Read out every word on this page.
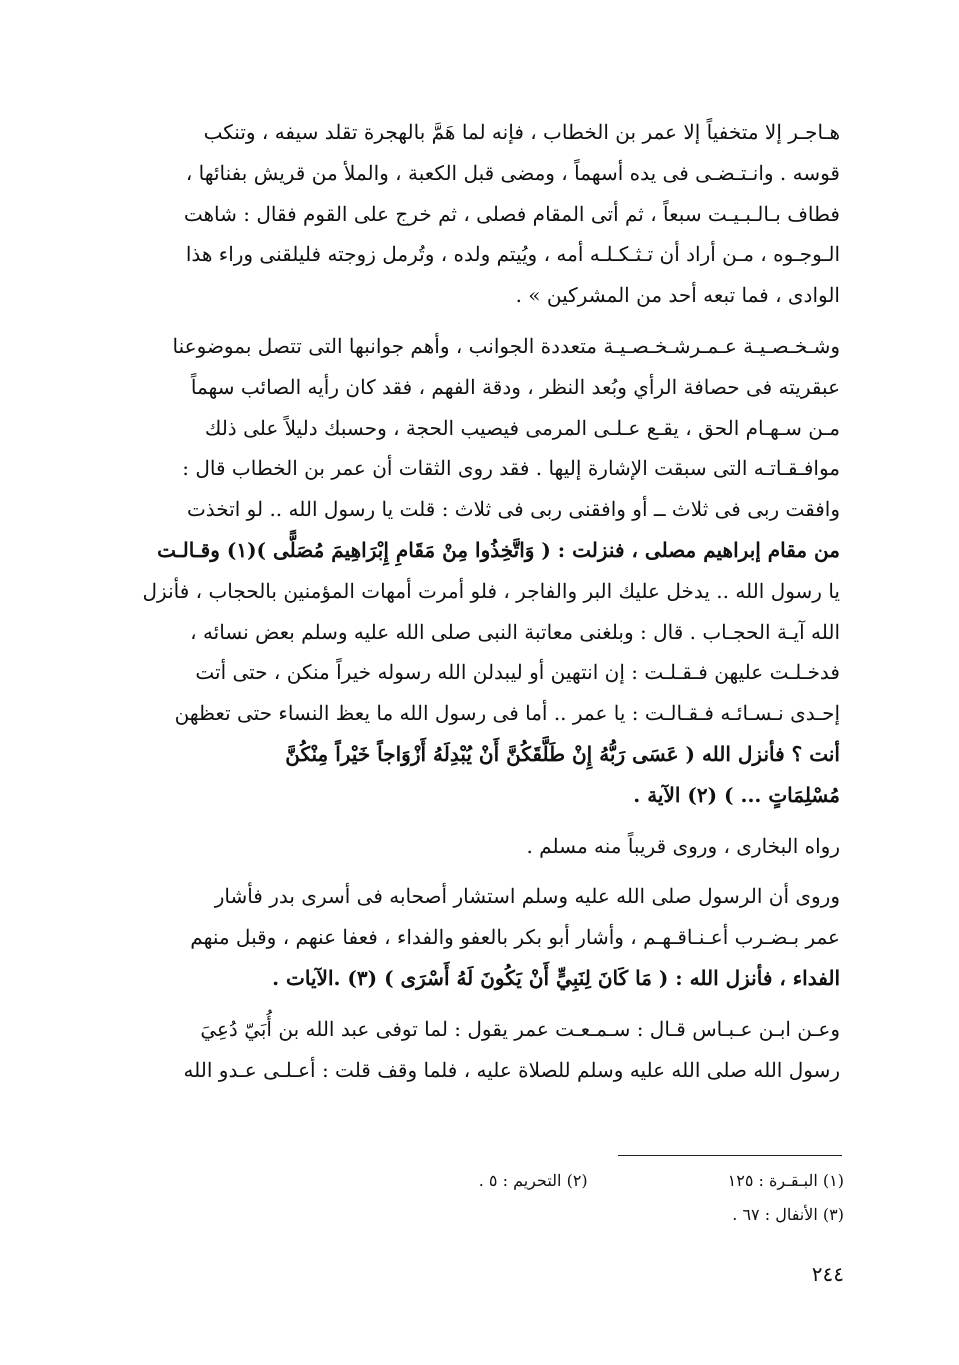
هـاجـر إلا متخفياً إلا عمر بن الخطاب ، فإنه لما هَمَّ بالهجرة تقلد سيفه ، وتنكب

قوسه . وانـتـضـى فى يده أسهماً ، ومضى قبل الكعبة ، والملأ من قريش بفنائها ،

فطاف بـالـبـيـت سبعاً ، ثم أتى المقام فصلى ، ثم خرج على القوم فقال : شاهت

الـوجـوه ، مـن أراد أن تـثـكـلـه أمه ، ويُيتم ولده ، وتُرمل زوجته فليلقنى وراء هذا

الوادى ، فما تبعه أحد من المشركين » .

وشـخـصـيـة عـمـرشـخـصـيـة متعددة الجوانب ، وأهم جوانبها التى تتصل بموضوعنا

عبقريته فى حصافة الرأي وبُعد النظر ، ودقة الفهم ، فقد كان رأيه الصائب سهماً

مـن سـهـام الحق ، يقـع عـلـى المرمى فيصيب الحجة ، وحسبك دليلاً على ذلك

موافـقـاتـه التى سبقت الإشارة إليها . فقد روى الثقات أن عمر بن الخطاب قال :

وافقت ربى فى ثلاث ــ أو وافقنى ربى فى ثلاث : قلت يا رسول الله .. لو اتخذت

من مقام إبراهيم مصلى ، فنزلت : ( وَاتَّخِذُوا مِنْ مَقَامِ إِبْرَاهِيمَ مُصَلًّى )(١) وقـالـت

يا رسول الله .. يدخل عليك البر والفاجر ، فلو أمرت أمهات المؤمنين بالحجاب ، فأنزل

الله آيـة الحجـاب . قال : وبلغنى معاتبة النبى صلى الله عليه وسلم بعض نسائه ،

فدخـلـت عليهن فـقـلـت : إن انتهين أو ليبدلن الله رسوله خيراً منكن ، حتى أتت

إحـدى نـسـائـه فـقـالـت : يا عمر .. أما فى رسول الله ما يعظ النساء حتى تعظهن

أنت ؟ فأنزل الله ( عَسَى رَبُّهُ إِنْ طَلَّقَكُنَّ أَنْ يُبْدِلَهُ أَزْوَاجاً خَيْراً مِنْكُنَّ

مُسْلِمَاتٍ ... ) (٢) الآية .

رواه البخارى ، وروى قريباً منه مسلم .

وروى أن الرسول صلى الله عليه وسلم استشار أصحابه فى أسرى بدر فأشار

عمر بـضـرب أعـنـاقـهـم ، وأشار أبو بكر بالعفو والفداء ، فعفا عنهم ، وقبل منهم

الفداء ، فأنزل الله : ( مَا كَانَ لِنَبِيٍّ أَنْ يَكُونَ لَهُ أَسْرَى ) (٣) .الآيات .

وعـن ابـن عـبـاس قـال : سـمـعـت عمر يقول : لما توفى عبد الله بن أُبَيّ دُعِيَ

رسول الله صلى الله عليه وسلم للصلاة عليه ، فلما وقف قلت : أعـلـى عـدو الله

(١) البـقـرة : ١٢٥
(٢) التحريم : ٥ .
(٣) الأنفال : ٦٧ .
٢٤٤
